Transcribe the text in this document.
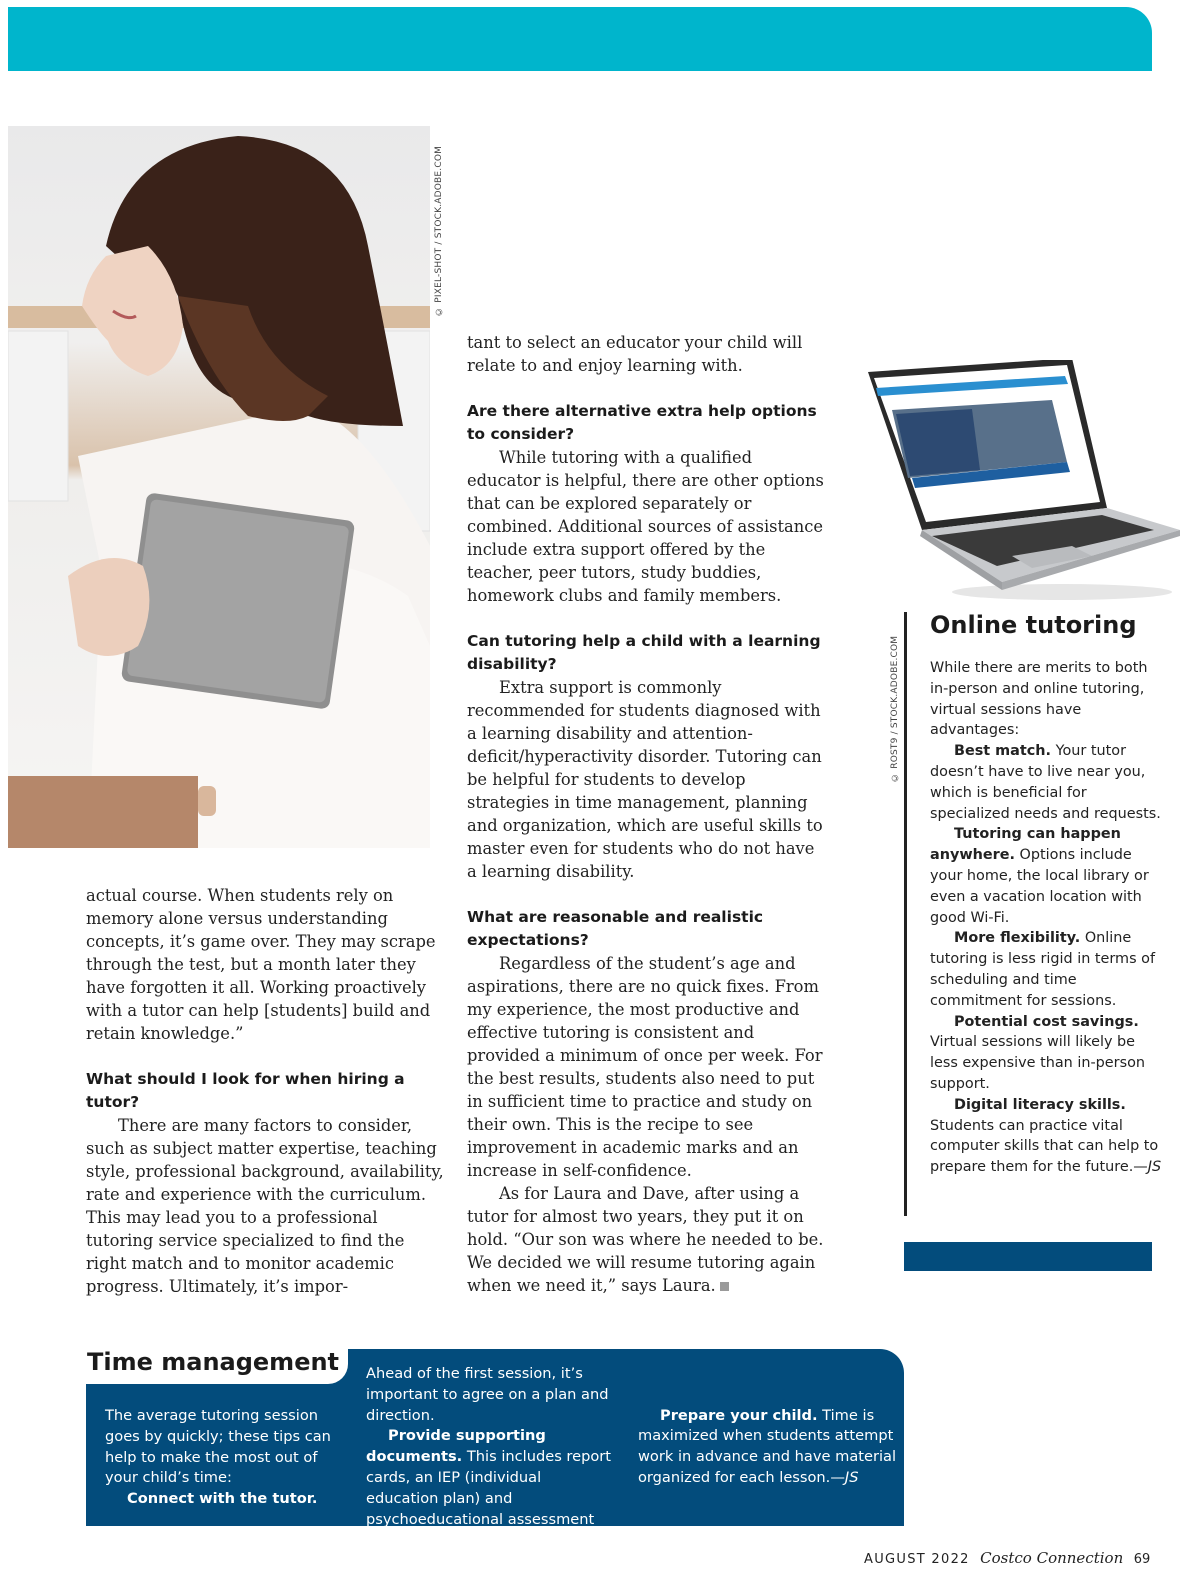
© PIXEL-SHOT / STOCK.ADOBE.COM

tant to select an educator your child will relate to and enjoy learning with.

Are there alternative extra help options to consider?

While tutoring with a qualified educator is helpful, there are other options that can be explored separately or combined. Additional sources of assistance include extra support offered by the teacher, peer tutors, study buddies, homework clubs and family members.

Can tutoring help a child with a learning disability?

Extra support is commonly recommended for students diagnosed with a learning disability and attention-deficit/hyperactivity disorder. Tutoring can be helpful for students to develop strategies in time management, planning and organization, which are useful skills to master even for students who do not have a learning disability.

What are reasonable and realistic expectations?

Regardless of the student’s age and aspirations, there are no quick fixes. From my experience, the most productive and effective tutoring is consistent and provided a minimum of once per week. For the best results, students also need to put in sufficient time to practice and study on their own. This is the recipe to see improvement in academic marks and an increase in self-confidence.

As for Laura and Dave, after using a tutor for almost two years, they put it on hold. “Our son was where he needed to be. We decided we will resume tutoring again when we need it,” says Laura.

actual course. When students rely on memory alone versus understanding concepts, it’s game over. They may scrape through the test, but a month later they have forgotten it all. Working proactively with a tutor can help [students] build and retain knowledge.”

What should I look for when hiring a tutor?

There are many factors to consider, such as subject matter expertise, teaching style, professional background, availability, rate and experience with the curriculum. This may lead you to a professional tutoring service specialized to find the right match and to monitor academic progress. Ultimately, it’s impor-

© ROST9 / STOCK.ADOBE.COM
Online tutoring

While there are merits to both in-person and online tutoring, virtual sessions have advantages:

Best match. Your tutor doesn’t have to live near you, which is beneficial for specialized needs and requests.

Tutoring can happen anywhere. Options include your home, the local library or even a vacation location with good Wi-Fi.

More flexibility. Online tutoring is less rigid in terms of scheduling and time commitment for sessions.

Potential cost savings. Virtual sessions will likely be less expensive than in-person support.

Digital literacy skills. Students can practice vital computer skills that can help to prepare them for the future.—JS

Time management

The average tutoring session goes by quickly; these tips can help to make the most out of your child’s time:

Connect with the tutor.

Ahead of the first session, it’s important to agree on a plan and direction.

Provide supporting documents. This includes report cards, an IEP (individual education plan) and psychoeducational assessment recommendations, if applicable.

Prepare your child. Time is maximized when students attempt work in advance and have material organized for each lesson.—JS

AUGUST 2022 Costco Connection 69
